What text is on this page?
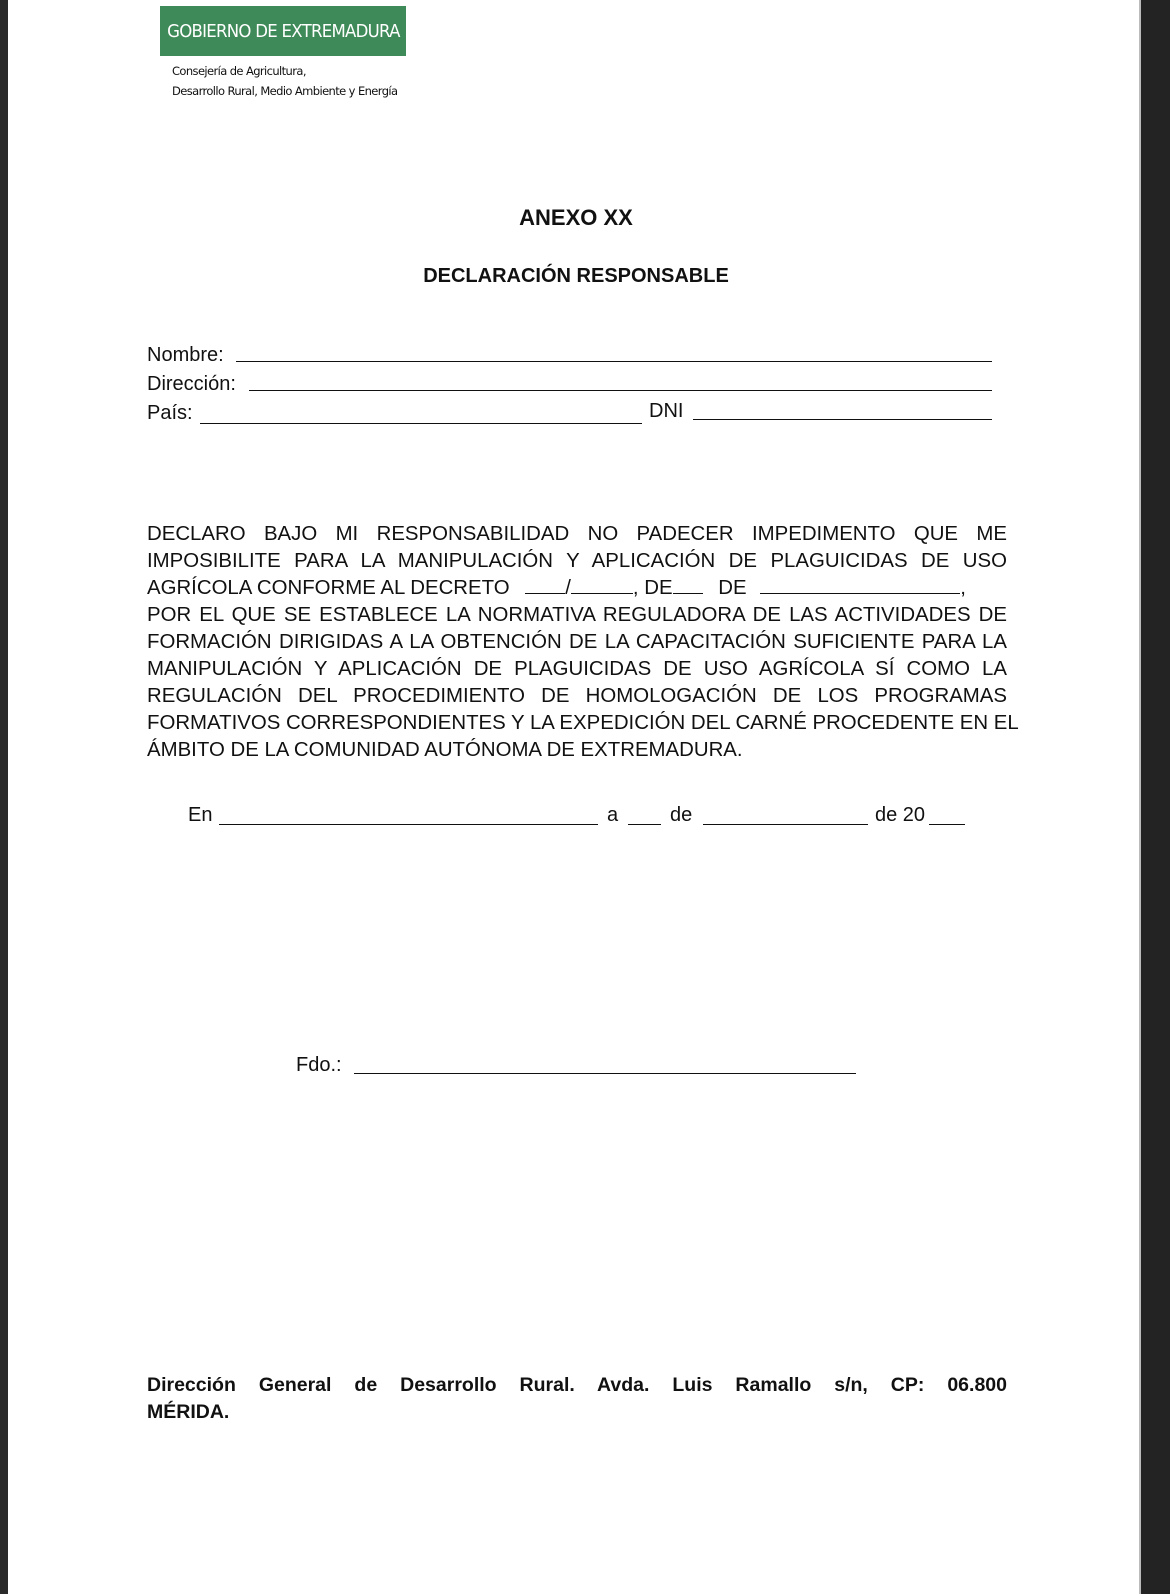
GOBIERNO DE EXTREMADURA
Consejería de Agricultura,
Desarrollo Rural, Medio Ambiente y Energía
ANEXO XX
DECLARACIÓN RESPONSABLE
Nombre:
Dirección:
País:	DNI
DECLARO BAJO MI RESPONSABILIDAD NO PADECER IMPEDIMENTO QUE ME
IMPOSIBILITE PARA LA MANIPULACIÓN Y APLICACIÓN DE PLAGUICIDAS DE USO
AGRÍCOLA CONFORME AL DECRETO	/	, DE DE	,
POR EL QUE SE ESTABLECE LA NORMATIVA REGULADORA DE LAS ACTIVIDADES DE
FORMACIÓN DIRIGIDAS A LA OBTENCIÓN DE LA CAPACITACIÓN SUFICIENTE PARA LA
MANIPULACIÓN Y APLICACIÓN DE PLAGUICIDAS DE USO AGRÍCOLA SÍ COMO LA
REGULACIÓN DEL PROCEDIMIENTO DE HOMOLOGACIÓN DE LOS PROGRAMAS
FORMATIVOS CORRESPONDIENTES Y LA EXPEDICIÓN DEL CARNÉ PROCEDENTE EN EL
ÁMBITO DE LA COMUNIDAD AUTÓNOMA DE EXTREMADURA.
En	a	de	de 20
Fdo.:
Dirección General de Desarrollo Rural. Avda. Luis Ramallo s/n, CP: 06.800
MÉRIDA.
